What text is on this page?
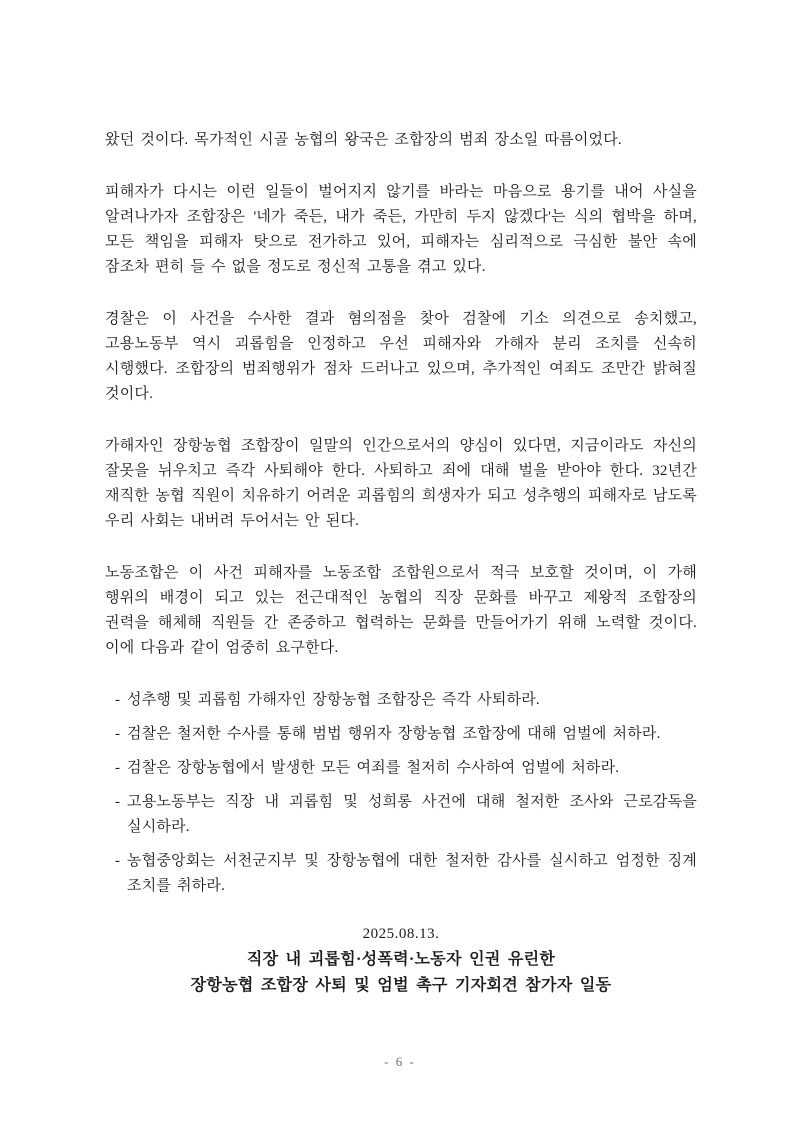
왔던 것이다. 목가적인 시골 농협의 왕국은 조합장의 범죄 장소일 따름이었다.

피해자가 다시는 이런 일들이 벌어지지 않기를 바라는 마음으로 용기를 내어 사실을 알려나가자 조합장은 '네가 죽든, 내가 죽든, 가만히 두지 않겠다'는 식의 협박을 하며, 모든 책임을 피해자 탓으로 전가하고 있어, 피해자는 심리적으로 극심한 불안 속에 잠조차 편히 들 수 없을 정도로 정신적 고통을 겪고 있다.

경찰은 이 사건을 수사한 결과 혐의점을 찾아 검찰에 기소 의견으로 송치했고, 고용노동부 역시 괴롭힘을 인정하고 우선 피해자와 가해자 분리 조치를 신속히 시행했다. 조합장의 범죄행위가 점차 드러나고 있으며, 추가적인 여죄도 조만간 밝혀질 것이다.

가해자인 장항농협 조합장이 일말의 인간으로서의 양심이 있다면, 지금이라도 자신의 잘못을 뉘우치고 즉각 사퇴해야 한다. 사퇴하고 죄에 대해 벌을 받아야 한다. 32년간 재직한 농협 직원이 치유하기 어려운 괴롭힘의 희생자가 되고 성추행의 피해자로 남도록 우리 사회는 내버려 두어서는 안 된다.

노동조합은 이 사건 피해자를 노동조합 조합원으로서 적극 보호할 것이며, 이 가해 행위의 배경이 되고 있는 전근대적인 농협의 직장 문화를 바꾸고 제왕적 조합장의 권력을 해체해 직원들 간 존중하고 협력하는 문화를 만들어가기 위해 노력할 것이다. 이에 다음과 같이 엄중히 요구한다.

- 성추행 및 괴롭힘 가해자인 장항농협 조합장은 즉각 사퇴하라.
- 검찰은 철저한 수사를 통해 범법 행위자 장항농협 조합장에 대해 엄벌에 처하라.
- 검찰은 장항농협에서 발생한 모든 여죄를 철저히 수사하여 엄벌에 처하라.
- 고용노동부는 직장 내 괴롭힘 및 성희롱 사건에 대해 철저한 조사와 근로감독을 실시하라.
- 농협중앙회는 서천군지부 및 장항농협에 대한 철저한 감사를 실시하고 엄정한 징계 조치를 취하라.
2025.08.13.
직장 내 괴롭힘·성폭력·노동자 인권 유린한
장항농협 조합장 사퇴 및 엄벌 촉구 기자회견 참가자 일동
- 6 -
